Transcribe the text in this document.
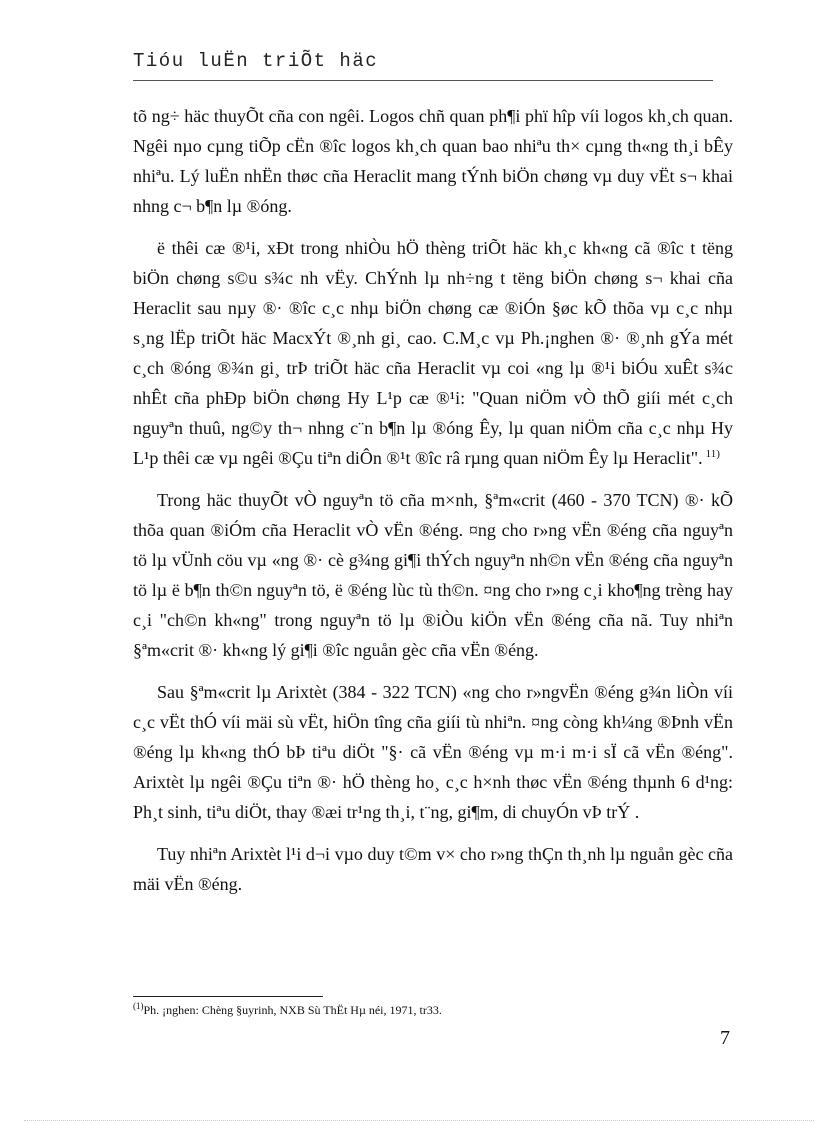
Tióu luËn triÕt häc

tõ ng÷ häc thuyÕt cña con ngêi. Logos chñ quan ph¶i phï hîp víi logos kh¸ch quan. Ngêi nµo cµng tiÕp cËn ®îc logos kh¸ch quan bao nhiªu th× cµng th«ng th¸i bÊy nhiªu. Lý luËn nhËn thøc cña Heraclit mang tÝnh biÖn chøng vµ duy vËt s¬ khai nhng c¬ b¶n lµ ®óng.

ë thêi cæ ®¹i, xÐt trong nhiÒu hÖ thèng triÕt häc kh¸c kh«ng cã ®îc t tëng biÖn chøng s©u s¾c nh vËy. ChÝnh lµ nh÷ng t tëng biÖn chøng s¬ khai cña Heraclit sau nµy ®· ®îc c¸c nhµ biÖn chøng cæ ®iÓn §øc kÕ thõa vµ c¸c nhµ s¸ng lËp triÕt häc MacxÝt ®¸nh gi¸ cao. C.M¸c vµ Ph.¡nghen ®· ®¸nh gÝa mét c¸ch ®óng ®¾n gi¸ trÞ triÕt häc cña Heraclit vµ coi «ng lµ ®¹i biÓu xuÊt s¾c nhÊt cña phÐp biÖn chøng Hy L¹p cæ ®¹i: "Quan niÖm vÒ thÕ giíi mét c¸ch nguyªn thuû, ng©y th¬ nhng c¨n b¶n lµ ®óng Êy, lµ quan niÖm cña c¸c nhµ Hy L¹p thêi cæ vµ ngêi ®Çu tiªn diÔn ®¹t ®îc râ rµng quan niÖm Êy lµ Heraclit". $^{11)}$

Trong häc thuyÕt vÒ nguyªn tö cña m×nh, §ªm«crit (460 - 370 TCN) ®· kÕ thõa quan ®iÓm cña Heraclit vÒ vËn ®éng. ¤ng cho r»ng vËn ®éng cña nguyªn tö lµ vÜnh cöu vµ «ng ®· cè g¾ng gi¶i thÝch nguyªn nh©n vËn ®éng cña nguyªn tö lµ ë b¶n th©n nguyªn tö, ë ®éng lùc tù th©n. ¤ng cho r»ng c¸i kho¶ng trèng hay c¸i "ch©n kh«ng" trong nguyªn tö lµ ®iÒu kiÖn vËn ®éng cña nã. Tuy nhiªn §ªm«crit ®· kh«ng lý gi¶i ®îc nguån gèc cña vËn ®éng.

Sau §ªm«crit lµ Arixtèt (384 - 322 TCN) «ng cho r»ngvËn ®éng g¾n liÒn víi c¸c vËt thÓ víi mäi sù vËt, hiÖn tîng cña giíi tù nhiªn. ¤ng còng kh¼ng ®Þnh vËn ®éng lµ kh«ng thÓ bÞ tiªu diÖt "§· cã vËn ®éng vµ m·i m·i sÏ cã vËn ®éng". Arixtèt lµ ngêi ®Çu tiªn ®· hÖ thèng ho¸ c¸c h×nh thøc vËn ®éng thµnh 6 d¹ng: Ph¸t sinh, tiªu diÖt, thay ®æi tr¹ng th¸i, t¨ng, gi¶m, di chuyÓn vÞ trÝ .

Tuy nhiªn Arixtèt l¹i d¬i vµo duy t©m v× cho r»ng thÇn th¸nh lµ nguån gèc cña mäi vËn ®éng.

$^{(1)}$Ph. ¡nghen: Chèng §uyrinh, NXB Sù ThËt Hµ néi, 1971, tr33.
7
